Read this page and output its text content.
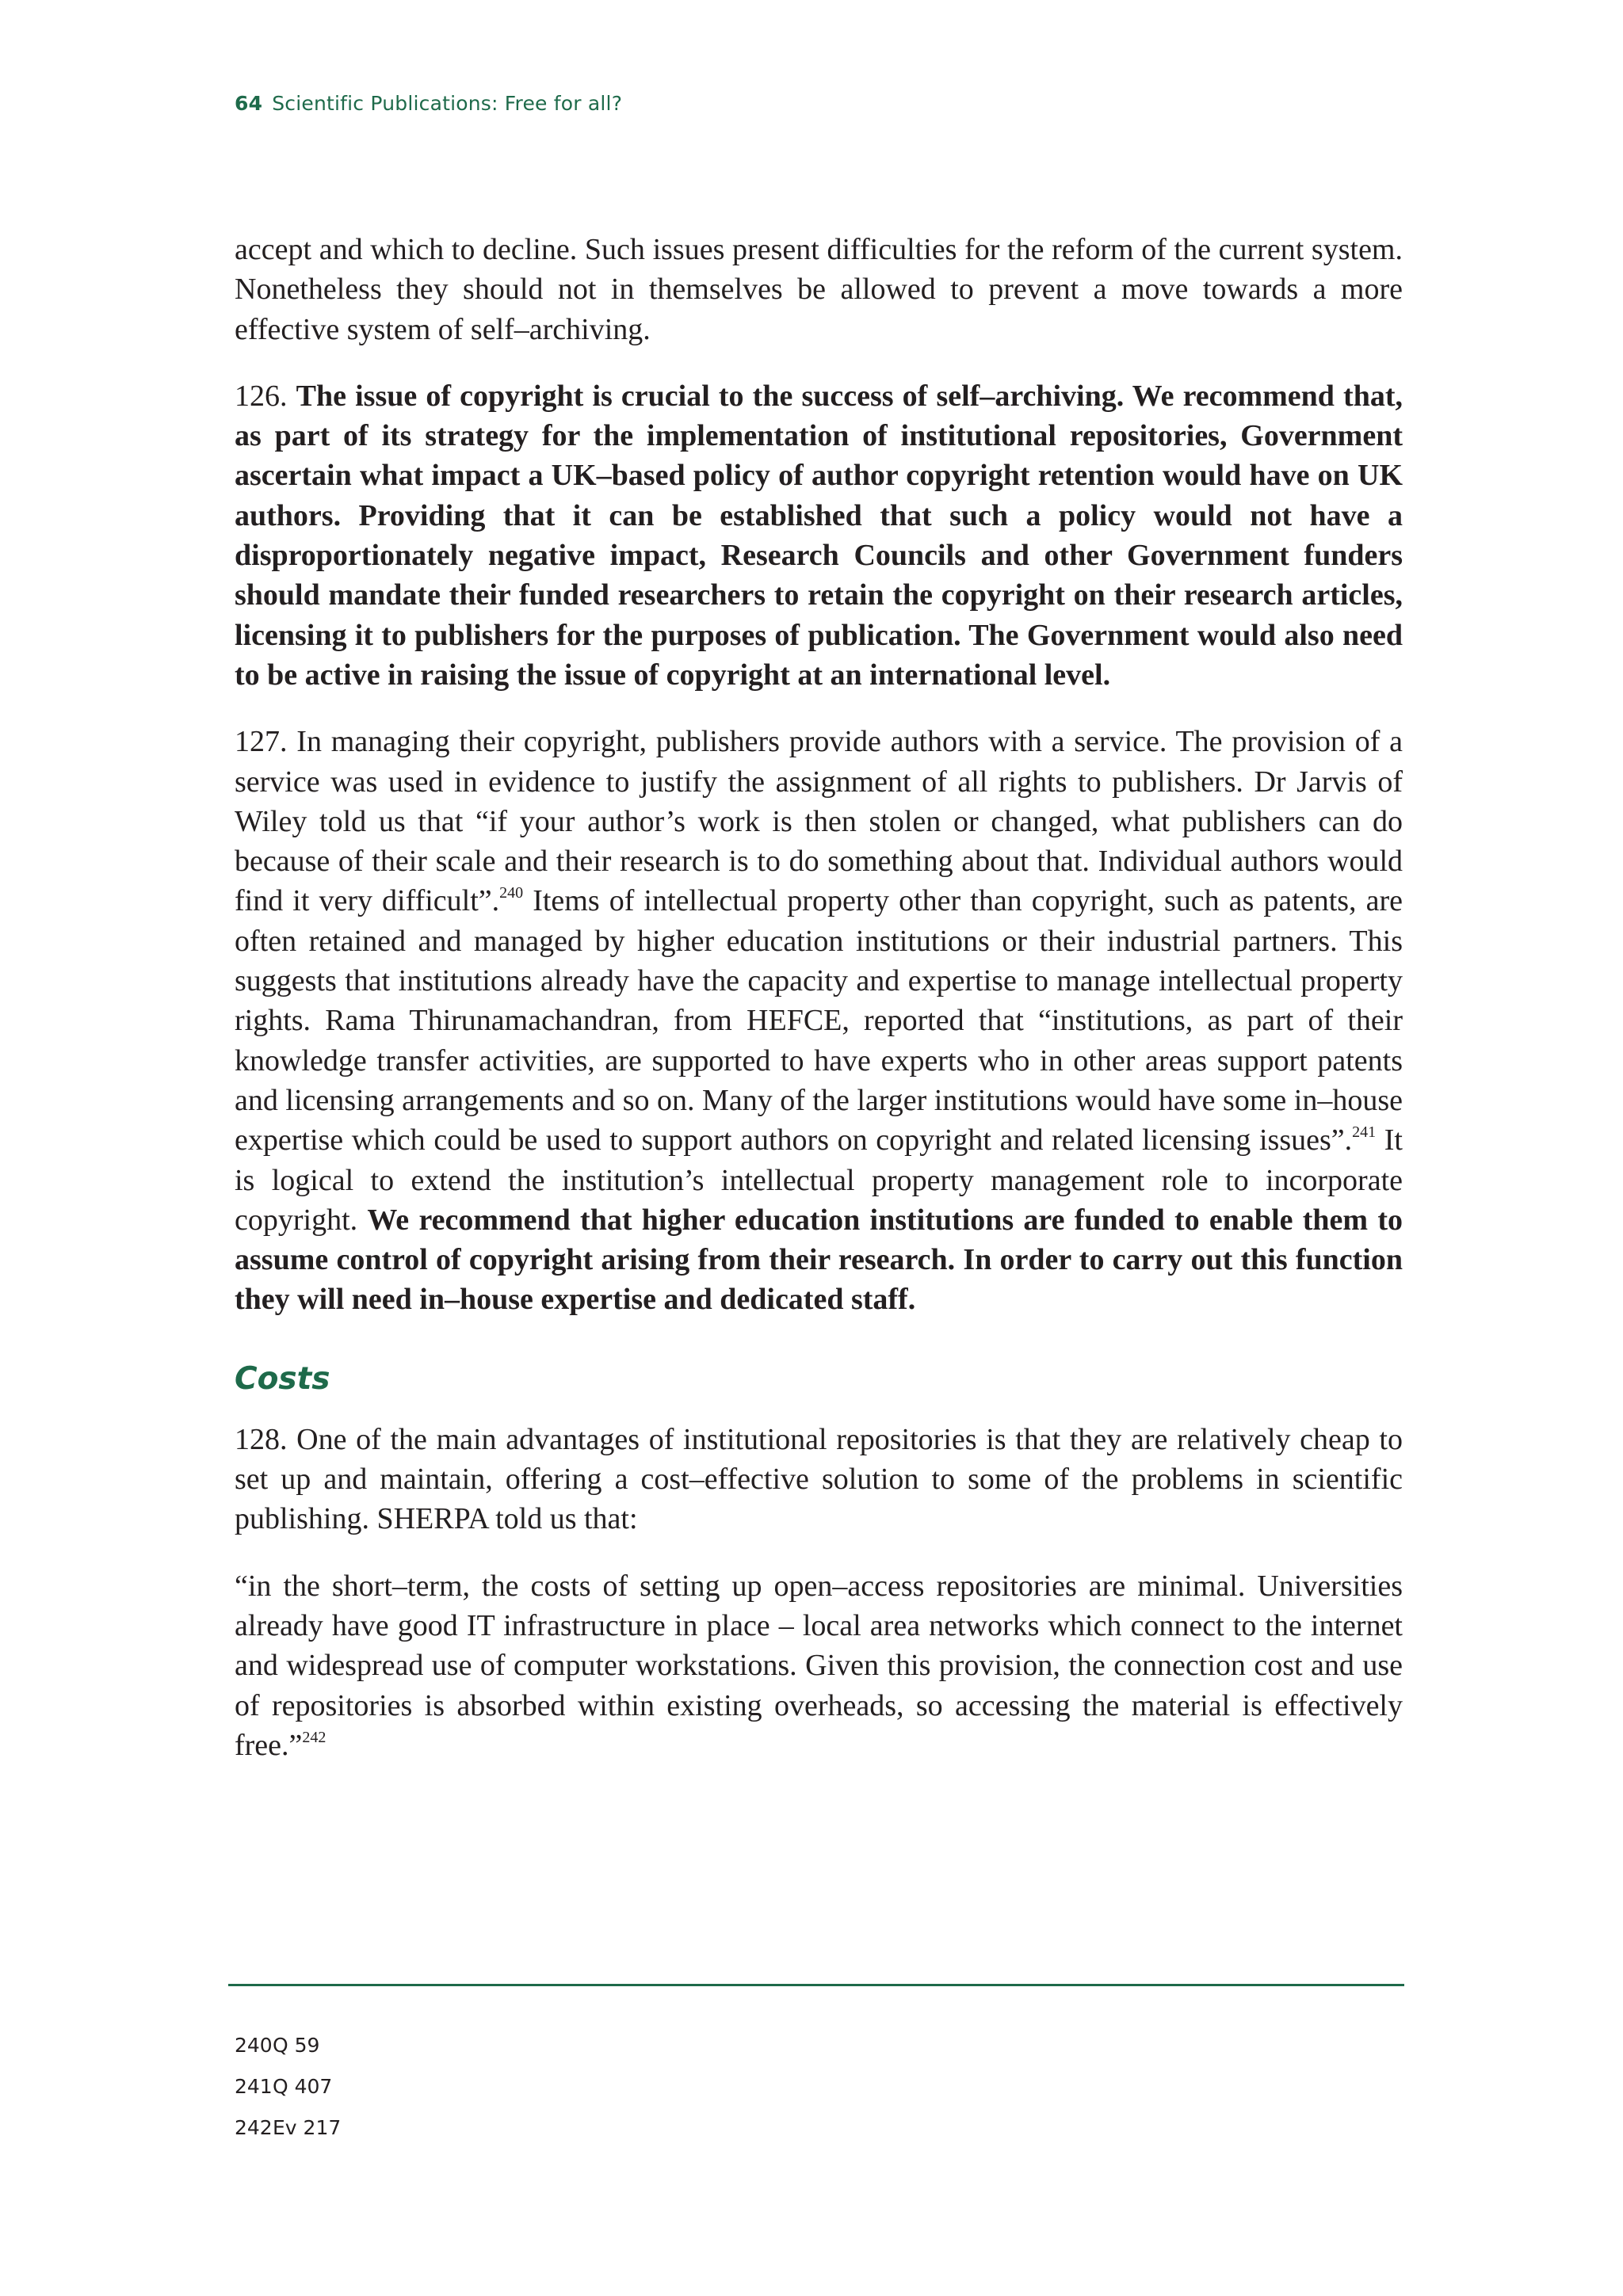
64 Scientific Publications: Free for all?

accept and which to decline. Such issues present difficulties for the reform of the current system. Nonetheless they should not in themselves be allowed to prevent a move towards a more effective system of self–archiving.

126. The issue of copyright is crucial to the success of self–archiving. We recommend that, as part of its strategy for the implementation of institutional repositories, Government ascertain what impact a UK–based policy of author copyright retention would have on UK authors. Providing that it can be established that such a policy would not have a disproportionately negative impact, Research Councils and other Government funders should mandate their funded researchers to retain the copyright on their research articles, licensing it to publishers for the purposes of publication. The Government would also need to be active in raising the issue of copyright at an international level.

127. In managing their copyright, publishers provide authors with a service. The provision of a service was used in evidence to justify the assignment of all rights to publishers. Dr Jarvis of Wiley told us that “if your author’s work is then stolen or changed, what publishers can do because of their scale and their research is to do something about that. Individual authors would find it very difficult”.$^{240}$ Items of intellectual property other than copyright, such as patents, are often retained and managed by higher education institutions or their industrial partners. This suggests that institutions already have the capacity and expertise to manage intellectual property rights. Rama Thirunamachandran, from HEFCE, reported that “institutions, as part of their knowledge transfer activities, are supported to have experts who in other areas support patents and licensing arrangements and so on. Many of the larger institutions would have some in–house expertise which could be used to support authors on copyright and related licensing issues”.$^{241}$ It is logical to extend the institution’s intellectual property management role to incorporate copyright. We recommend that higher education institutions are funded to enable them to assume control of copyright arising from their research. In order to carry out this function they will need in–house expertise and dedicated staff.

Costs

128. One of the main advantages of institutional repositories is that they are relatively cheap to set up and maintain, offering a cost–effective solution to some of the problems in scientific publishing. SHERPA told us that:

“in the short–term, the costs of setting up open–access repositories are minimal. Universities already have good IT infrastructure in place – local area networks which connect to the internet and widespread use of computer workstations. Given this provision, the connection cost and use of repositories is absorbed within existing overheads, so accessing the material is effectively free.”$^{242}$

240Q 59
241Q 407
242Ev 217
